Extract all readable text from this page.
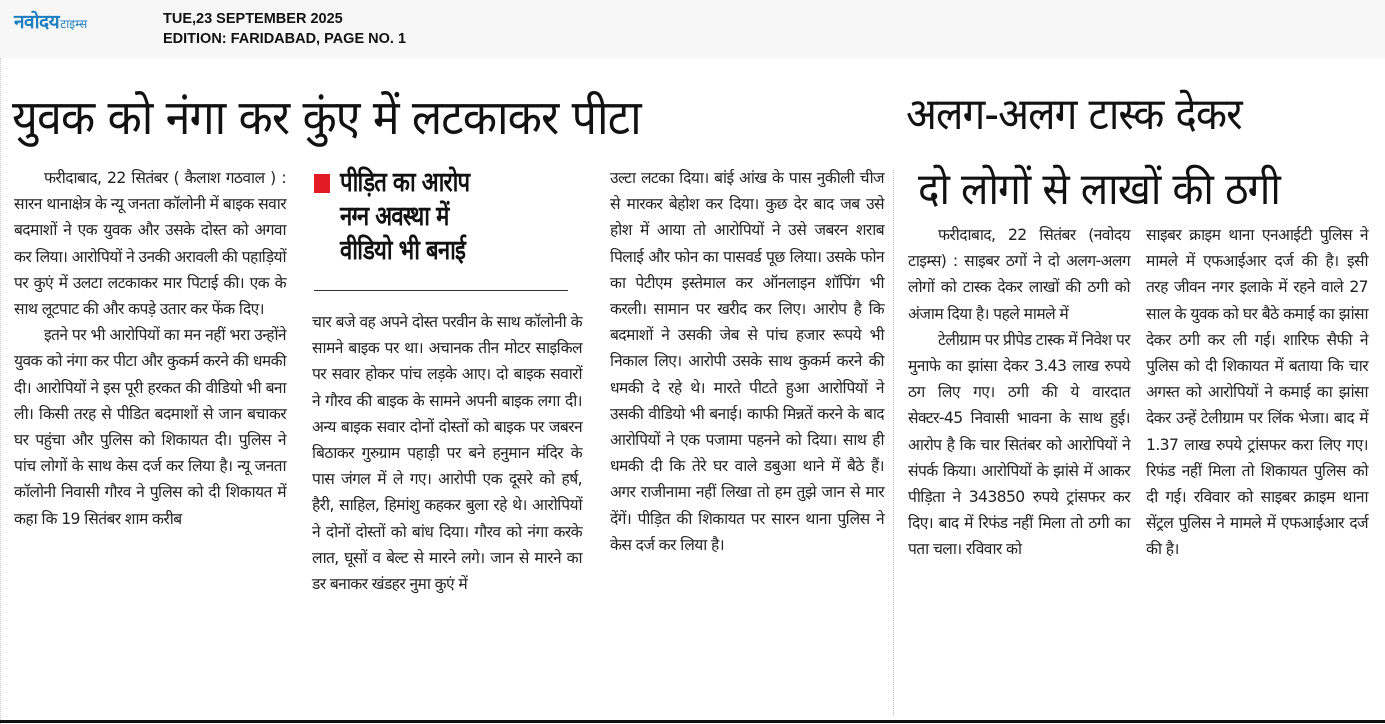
नवोदय टाइम्स	TUE,23 SEPTEMBER 2025
EDITION: FARIDABAD, PAGE NO. 1
युवक को नंगा कर कुंए में लटकाकर पीटा

फरीदाबाद, 22 सितंबर ( कैलाश गठवाल ) : सारन थानाक्षेत्र के न्यू जनता कॉलोनी में बाइक सवार बदमाशों ने एक युवक और उसके दोस्त को अगवा कर लिया। आरोपियों ने उनकी अरावली की पहाड़ियों पर कुएं में उलटा लटकाकर मार पिटाई की। एक के साथ लूटपाट की और कपड़े उतार कर फेंक दिए।

इतने पर भी आरोपियों का मन नहीं भरा उन्होंने युवक को नंगा कर पीटा और कुकर्म करने की धमकी दी। आरोपियों ने इस पूरी हरकत की वीडियो भी बना ली। किसी तरह से पीडित बदमाशों से जान बचाकर घर पहुंचा और पुलिस को शिकायत दी। पुलिस ने पांच लोगों के साथ केस दर्ज कर लिया है। न्यू जनता कॉलोनी निवासी गौरव ने पुलिस को दी शिकायत में कहा कि 19 सितंबर शाम करीब

पीड़ित का आरोप
नग्न अवस्था में
वीडियो भी बनाई

चार बजे वह अपने दोस्त परवीन के साथ कॉलोनी के सामने बाइक पर था। अचानक तीन मोटर साइकिल पर सवार होकर पांच लड़के आए। दो बाइक सवारों ने गौरव की बाइक के सामने अपनी बाइक लगा दी। अन्य बाइक सवार दोनों दोस्तों को बाइक पर जबरन बिठाकर गुरुग्राम पहाड़ी पर बने हनुमान मंदिर के पास जंगल में ले गए। आरोपी एक दूसरे को हर्ष, हैरी, साहिल, हिमांशु कहकर बुला रहे थे। आरोपियों ने दोनों दोस्तों को बांध दिया। गौरव को नंगा करके लात, घूसों व बेल्ट से मारने लगे। जान से मारने का डर बनाकर खंडहर नुमा कुएं में

उल्टा लटका दिया। बांई आंख के पास नुकीली चीज से मारकर बेहोश कर दिया। कुछ देर बाद जब उसे होश में आया तो आरोपियों ने उसे जबरन शराब पिलाई और फोन का पासवर्ड पूछ लिया। उसके फोन का पेटीएम इस्तेमाल कर ऑनलाइन शॉपिंग भी करली। सामान पर खरीद कर लिए। आरोप है कि बदमाशों ने उसकी जेब से पांच हजार रूपये भी निकाल लिए। आरोपी उसके साथ कुकर्म करने की धमकी दे रहे थे। मारते पीटते हुआ आरोपियों ने उसकी वीडियो भी बनाई। काफी मिन्नतें करने के बाद आरोपियों ने एक पजामा पहनने को दिया। साथ ही धमकी दी कि तेरे घर वाले डबुआ थाने में बैठे हैं। अगर राजीनामा नहीं लिखा तो हम तुझे जान से मार देंगें। पीड़ित की शिकायत पर सारन थाना पुलिस ने केस दर्ज कर लिया है।

अलग-अलग टास्क देकर
दो लोगों से लाखों की ठगी

फरीदाबाद, 22 सितंबर (नवोदय टाइम्स) : साइबर ठगों ने दो अलग-अलग लोगों को टास्क देकर लाखों की ठगी को अंजाम दिया है। पहले मामले में

टेलीग्राम पर प्रीपेड टास्क में निवेश पर मुनाफे का झांसा देकर 3.43 लाख रुपये ठग लिए गए। ठगी की ये वारदात सेक्टर-45 निवासी भावना के साथ हुई। आरोप है कि चार सितंबर को आरोपियों ने संपर्क किया। आरोपियों के झांसे में आकर पीड़िता ने 343850 रुपये ट्रांसफर कर दिए। बाद में रिफंड नहीं मिला तो ठगी का पता चला। रविवार को

साइबर क्राइम थाना एनआईटी पुलिस ने मामले में एफआईआर दर्ज की है। इसी तरह जीवन नगर इलाके में रहने वाले 27 साल के युवक को घर बैठे कमाई का झांसा देकर ठगी कर ली गई। शारिफ सैफी ने पुलिस को दी शिकायत में बताया कि चार अगस्त को आरोपियों ने कमाई का झांसा देकर उन्हें टेलीग्राम पर लिंक भेजा। बाद में 1.37 लाख रुपये ट्रांसफर करा लिए गए। रिफंड नहीं मिला तो शिकायत पुलिस को दी गई। रविवार को साइबर क्राइम थाना सेंट्रल पुलिस ने मामले में एफआईआर दर्ज की है।
